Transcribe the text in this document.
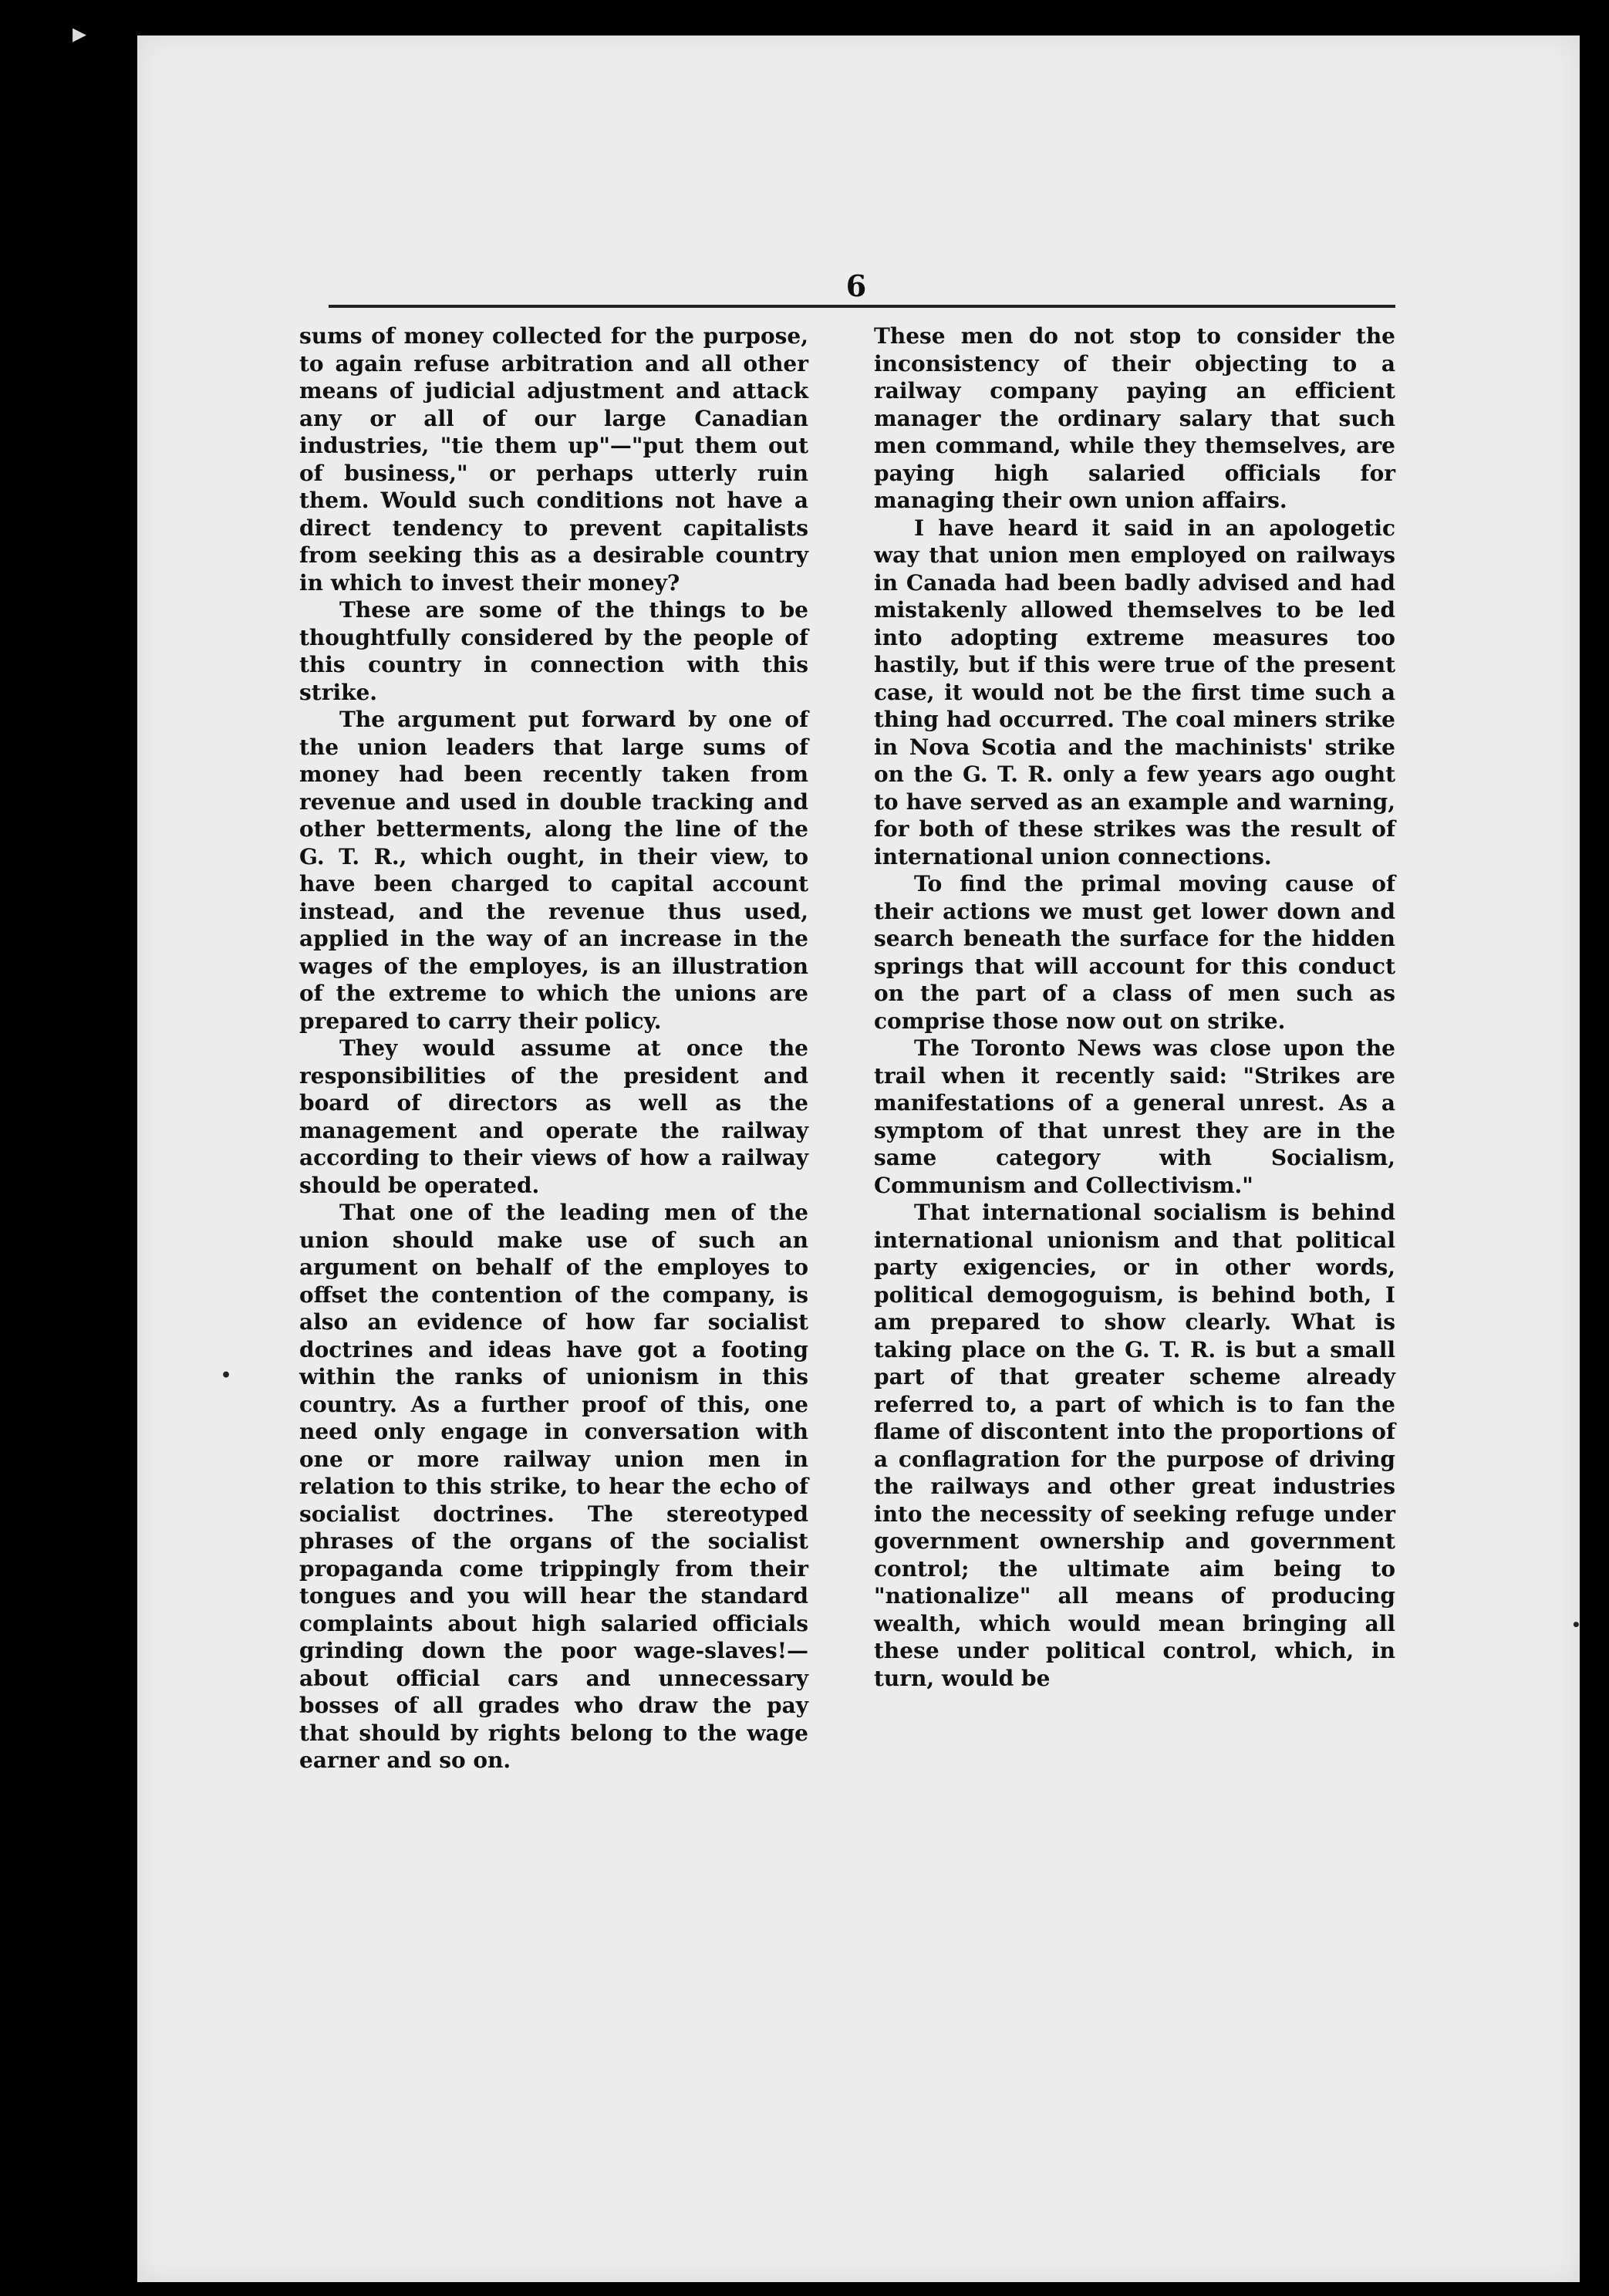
6

sums of money collected for the purpose, to again refuse arbitration and all other means of judicial adjustment and attack any or all of our large Canadian industries, "tie them up"—"put them out of business," or perhaps utterly ruin them. Would such conditions not have a direct tendency to prevent capitalists from seeking this as a desirable country in which to invest their money?

These are some of the things to be thoughtfully considered by the people of this country in connection with this strike.

The argument put forward by one of the union leaders that large sums of money had been recently taken from revenue and used in double tracking and other betterments, along the line of the G. T. R., which ought, in their view, to have been charged to capital account instead, and the revenue thus used, applied in the way of an increase in the wages of the employes, is an illustration of the extreme to which the unions are prepared to carry their policy.

They would assume at once the responsibilities of the president and board of directors as well as the management and operate the railway according to their views of how a railway should be operated.

That one of the leading men of the union should make use of such an argument on behalf of the employes to offset the contention of the company, is also an evidence of how far socialist doctrines and ideas have got a footing within the ranks of unionism in this country. As a further proof of this, one need only engage in conversation with one or more railway union men in relation to this strike, to hear the echo of socialist doctrines. The stereotyped phrases of the organs of the socialist propaganda come trippingly from their tongues and you will hear the standard complaints about high salaried officials grinding down the poor wage-slaves!—about official cars and unnecessary bosses of all grades who draw the pay that should by rights belong to the wage earner and so on.

These men do not stop to consider the inconsistency of their objecting to a railway company paying an efficient manager the ordinary salary that such men command, while they themselves, are paying high salaried officials for managing their own union affairs.

I have heard it said in an apologetic way that union men employed on railways in Canada had been badly advised and had mistakenly allowed themselves to be led into adopting extreme measures too hastily, but if this were true of the present case, it would not be the first time such a thing had occurred. The coal miners strike in Nova Scotia and the machinists' strike on the G. T. R. only a few years ago ought to have served as an example and warning, for both of these strikes was the result of international union connections.

To find the primal moving cause of their actions we must get lower down and search beneath the surface for the hidden springs that will account for this conduct on the part of a class of men such as comprise those now out on strike.

The Toronto News was close upon the trail when it recently said: "Strikes are manifestations of a general unrest. As a symptom of that unrest they are in the same category with Socialism, Communism and Collectivism."

That international socialism is behind international unionism and that political party exigencies, or in other words, political demogoguism, is behind both, I am prepared to show clearly. What is taking place on the G. T. R. is but a small part of that greater scheme already referred to, a part of which is to fan the flame of discontent into the proportions of a conflagration for the purpose of driving the railways and other great industries into the necessity of seeking refuge under government ownership and government control; the ultimate aim being to "nationalize" all means of producing wealth, which would mean bringing all these under political control, which, in turn, would be

•
•
▸
